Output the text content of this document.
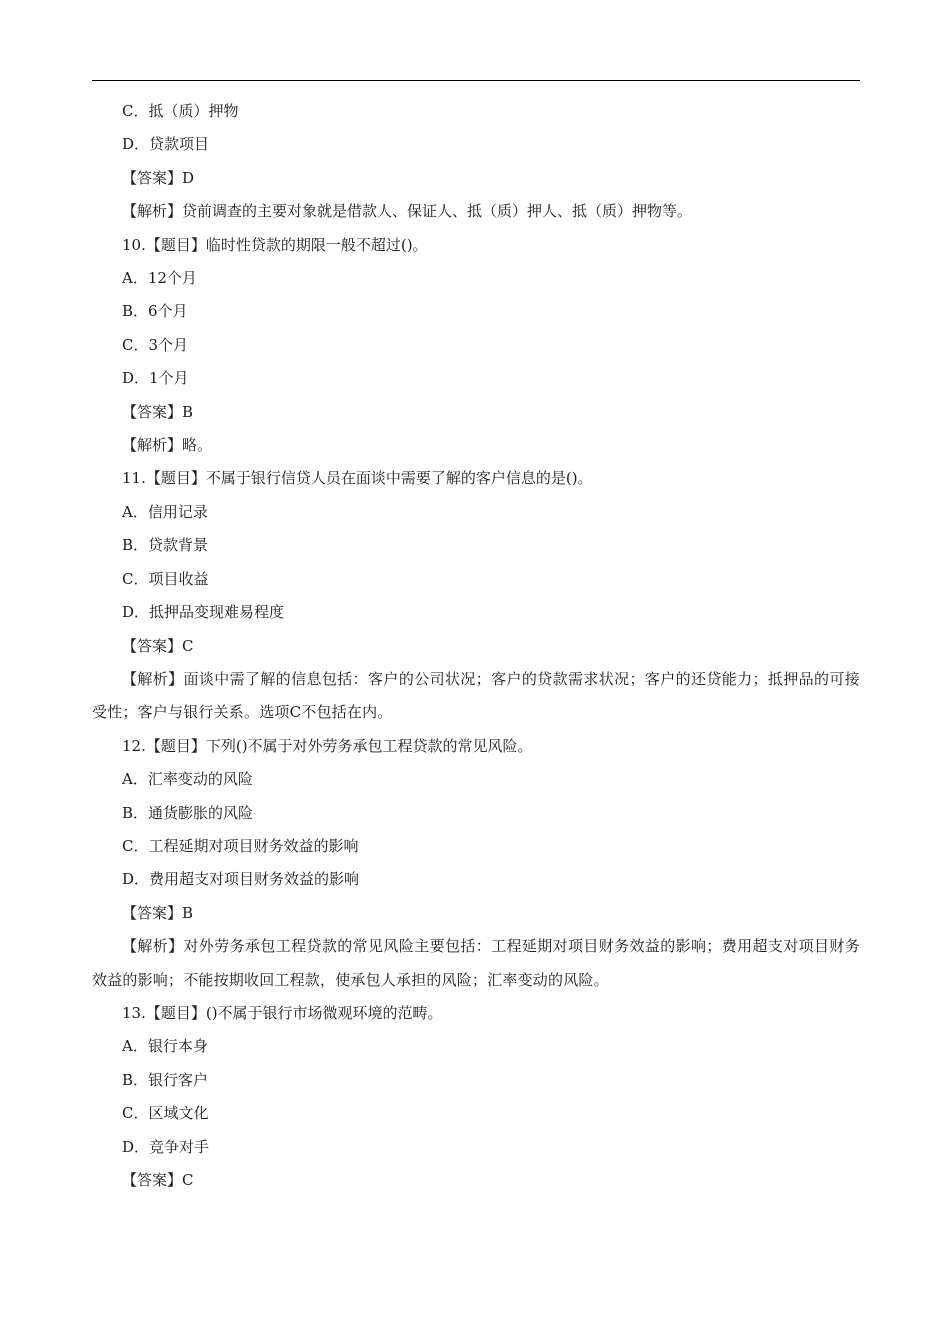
C．抵（质）押物
D．贷款项目
【答案】D
【解析】贷前调查的主要对象就是借款人、保证人、抵（质）押人、抵（质）押物等。
10.【题目】临时性贷款的期限一般不超过()。
A．12个月
B．6个月
C．3个月
D．1个月
【答案】B
【解析】略。
11.【题目】不属于银行信贷人员在面谈中需要了解的客户信息的是()。
A．信用记录
B．贷款背景
C．项目收益
D．抵押品变现难易程度
【答案】C
【解析】面谈中需了解的信息包括：客户的公司状况；客户的贷款需求状况；客户的还贷能力；抵押品的可接受性；客户与银行关系。选项C不包括在内。
12.【题目】下列()不属于对外劳务承包工程贷款的常见风险。
A．汇率变动的风险
B．通货膨胀的风险
C．工程延期对项目财务效益的影响
D．费用超支对项目财务效益的影响
【答案】B
【解析】对外劳务承包工程贷款的常见风险主要包括：工程延期对项目财务效益的影响；费用超支对项目财务效益的影响；不能按期收回工程款，使承包人承担的风险；汇率变动的风险。
13.【题目】()不属于银行市场微观环境的范畴。
A．银行本身
B．银行客户
C．区域文化
D．竞争对手
【答案】C
